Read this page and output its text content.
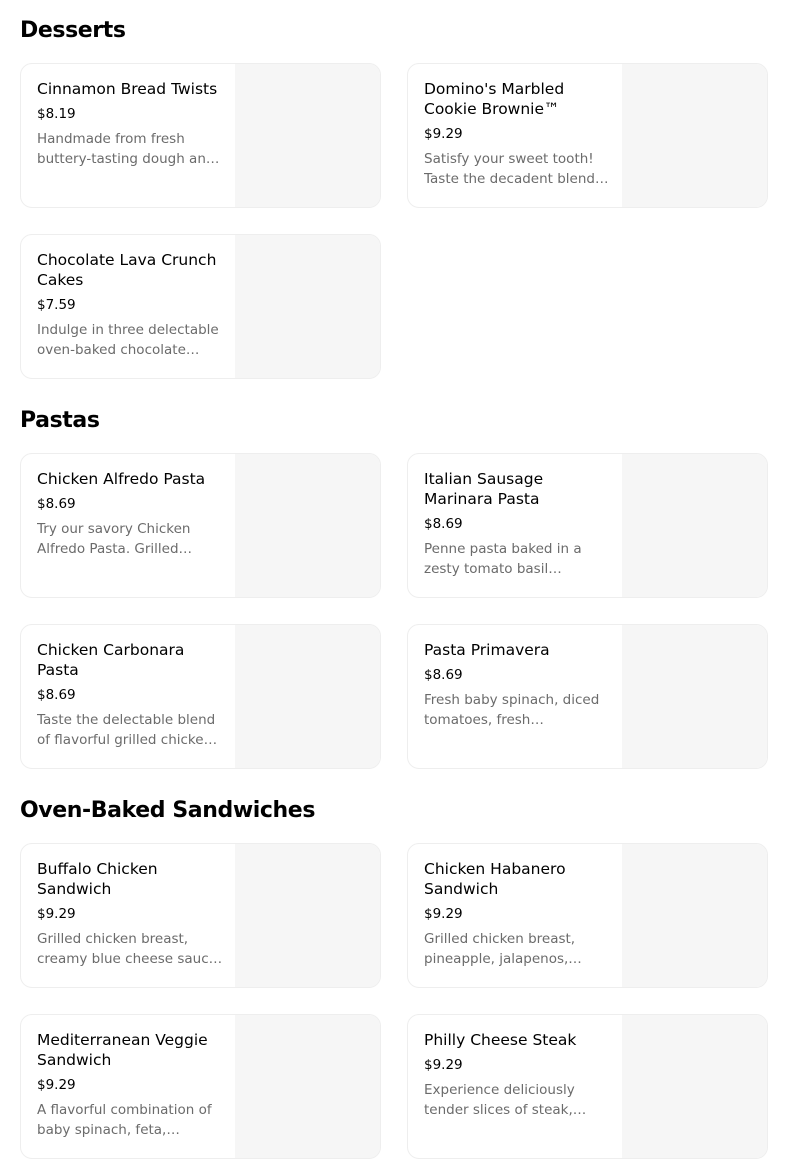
Desserts
Cinnamon Bread Twists
$8.19
Handmade from fresh buttery-tasting dough and
Domino's Marbled Cookie Brownie™
$9.29
Satisfy your sweet tooth! Taste the decadent blend
Chocolate Lava Crunch Cakes
$7.59
Indulge in three delectable oven-baked chocolate
Pastas
Chicken Alfredo Pasta
$8.69
Try our savory Chicken Alfredo Pasta. Grilled
Italian Sausage Marinara Pasta
$8.69
Penne pasta baked in a zesty tomato basil
Chicken Carbonara Pasta
$8.69
Taste the delectable blend of flavorful grilled chicken
Pasta Primavera
$8.69
Fresh baby spinach, diced tomatoes, fresh
Oven-Baked Sandwiches
Buffalo Chicken Sandwich
$9.29
Grilled chicken breast, creamy blue cheese sauce,
Chicken Habanero Sandwich
$9.29
Grilled chicken breast, pineapple, jalapenos,
Mediterranean Veggie Sandwich
$9.29
A flavorful combination of baby spinach, feta,
Philly Cheese Steak
$9.29
Experience deliciously tender slices of steak,
